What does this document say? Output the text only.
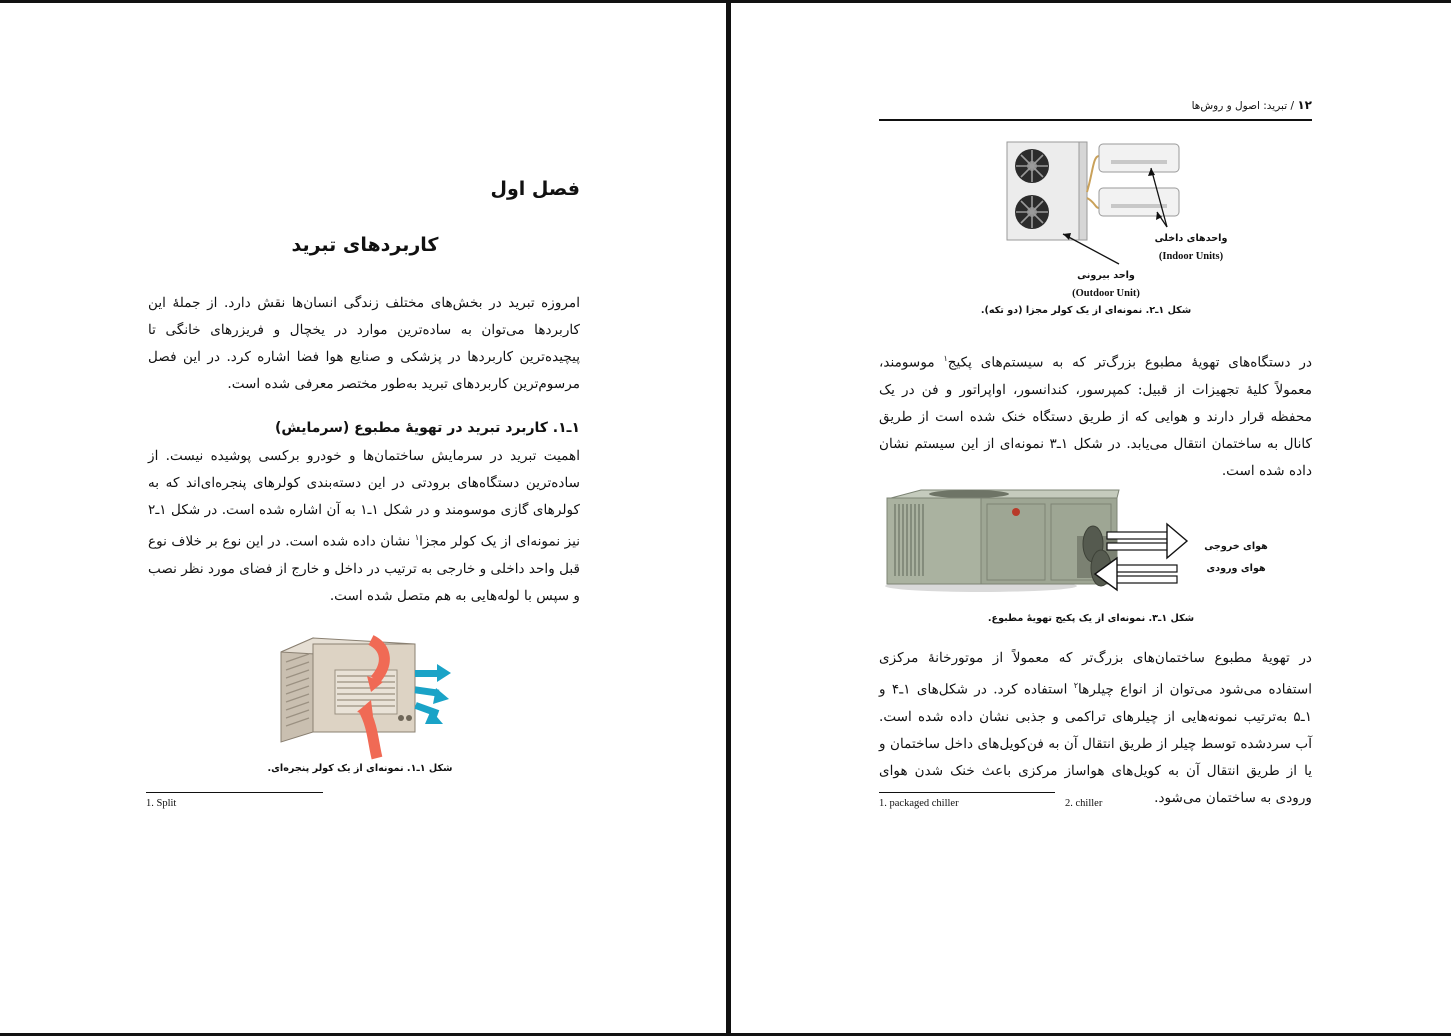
فصل اول
کاربردهای تبرید
امروزه تبرید در بخش‌های مختلف زندگی انسان‌ها نقش دارد. از جملهٔ این کاربردها می‌توان به ساده‌ترین موارد در یخچال و فریزرهای خانگی تا پیچیده‌ترین کاربردها در پزشکی و صنایع هوا فضا اشاره کرد. در این فصل مرسوم‌ترین کاربردهای تبرید به‌طور مختصر معرفی شده است.
۱ـ۱. کاربرد تبرید در تهویهٔ مطبوع (سرمایش)
اهمیت تبرید در سرمایش ساختمان‌ها و خودرو برکسی پوشیده نیست. از ساده‌ترین دستگاه‌های برودتی در این دسته‌بندی کولرهای پنجره‌ای‌اند که به کولرهای گازی موسومند و در شکل ۱ـ۱ به آن اشاره شده است. در شکل ۱ـ۲ نیز نمونه‌ای از یک کولر مجزا$^۱$ نشان داده شده است. در این نوع بر خلاف نوع قبل واحد داخلی و خارجی به ترتیب در داخل و خارج از فضای مورد نظر نصب و سپس با لوله‌هایی به هم متصل شده است.
شکل ۱ـ۱. نمونه‌ای از یک کولر پنجره‌ای.
1. Split
۱۲ / تبرید: اصول و روش‌ها
واحدهای داخلی
(Indoor Units)
واحد بیرونی
(Outdoor Unit)
شکل ۱ـ۲. نمونه‌ای از یک کولر مجزا (دو تکه).
در دستگاه‌های تهویهٔ مطبوع بزرگ‌تر که به سیستم‌های پکیج$^۱$ موسومند، معمولاً کلیهٔ تجهیزات از قبیل: کمپرسور، کندانسور، اواپراتور و فن در یک محفظه قرار دارند و هوایی که از طریق دستگاه خنک شده است از طریق کانال به ساختمان انتقال می‌یابد. در شکل ۱ـ۳ نمونه‌ای از این سیستم نشان داده شده است.
هوای خروجی
هوای ورودی
شکل ۱ـ۳. نمونه‌ای از یک پکیج تهویهٔ مطبوع.
در تهویهٔ مطبوع ساختمان‌های بزرگ‌تر که معمولاً از موتورخانهٔ مرکزی استفاده می‌شود می‌توان از انواع چیلرها$^۲$ استفاده کرد. در شکل‌های ۱ـ۴ و ۱ـ۵ به‌ترتیب نمونه‌هایی از چیلرهای تراکمی و جذبی نشان داده شده است. آب سردشده توسط چیلر از طریق انتقال آن به فن‌کویل‌های داخل ساختمان و یا از طریق انتقال آن به کویل‌های هواساز مرکزی باعث خنک شدن هوای ورودی به ساختمان می‌شود.
1. packaged chiller	2. chiller
